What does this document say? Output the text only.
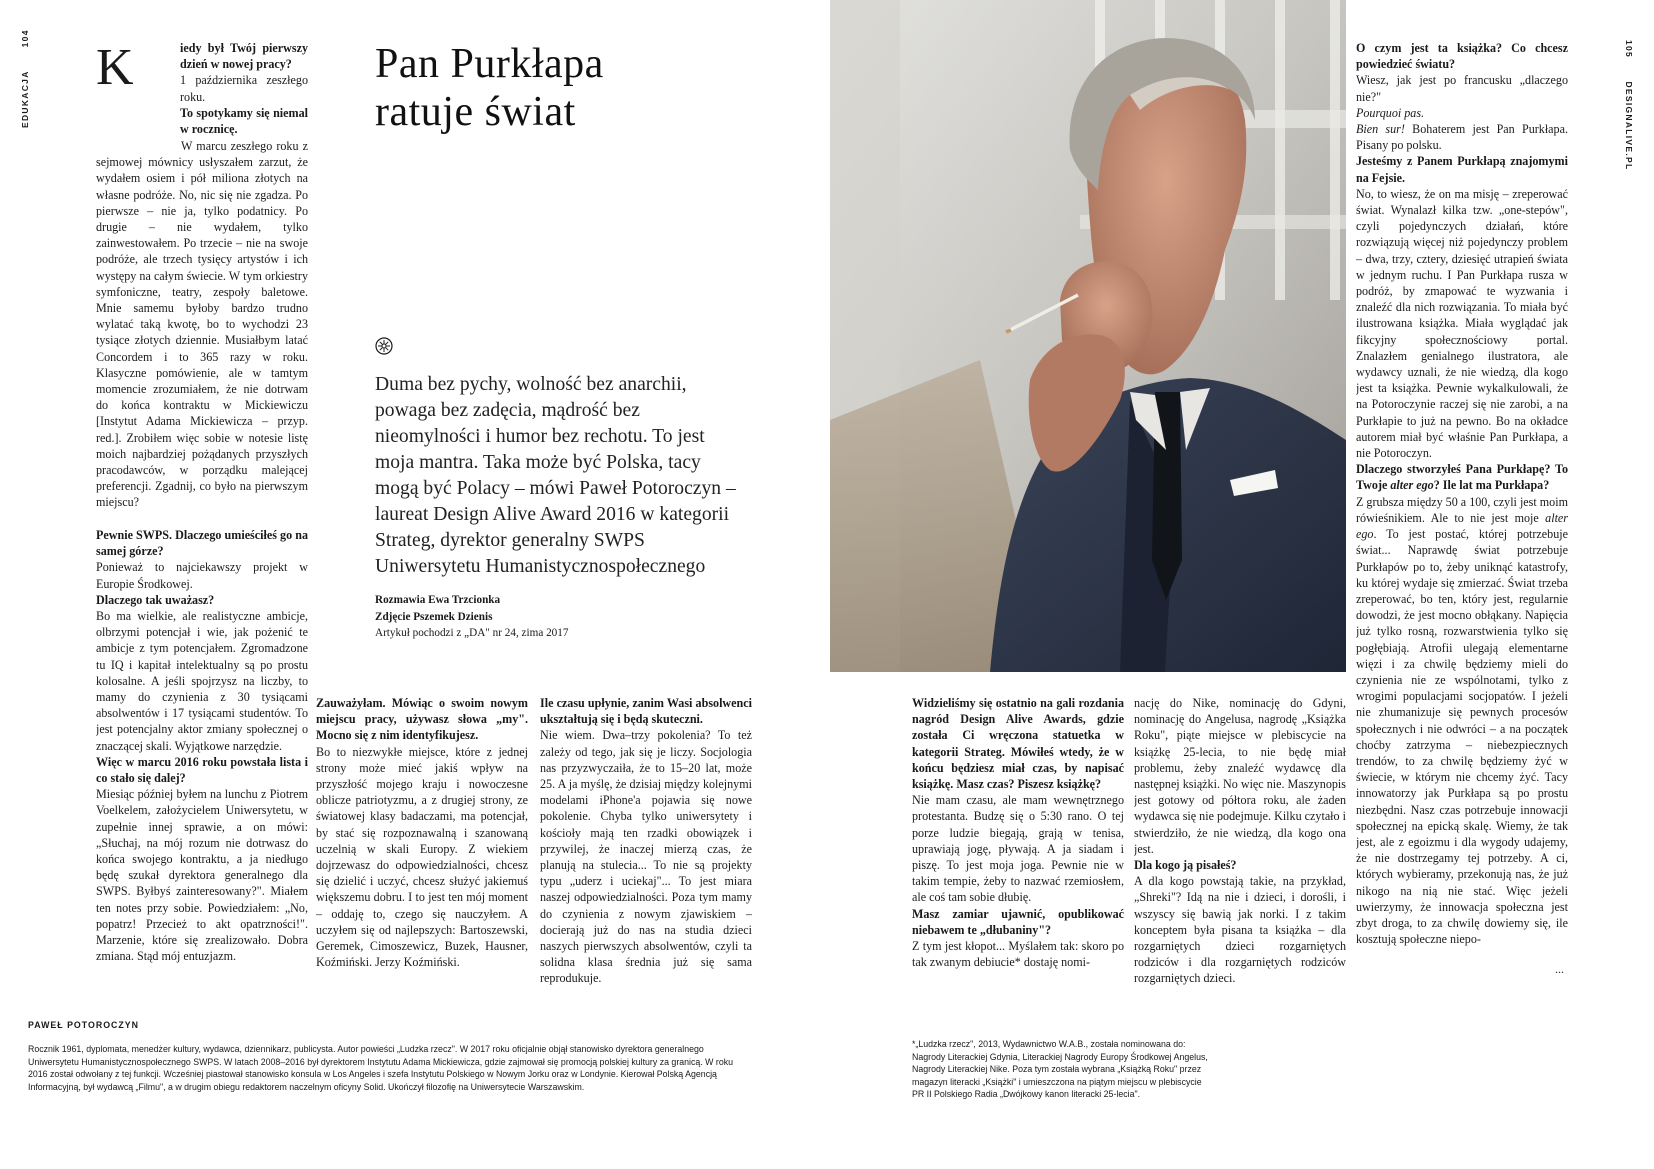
EDUKACJA  104
105  DESIGNALIVE.PL
K	iedy był Twój pierwszy dzień w nowej pracy?

1 października zeszłego roku.

To spotykamy się niemal w rocznicę.

W marcu zeszłego roku z sejmowej mównicy usłyszałem zarzut, że wydałem osiem i pół miliona złotych na własne podróże. No, nic się nie zgadza. Po pierwsze – nie ja, tylko podatnicy. Po drugie – nie wydałem, tylko zainwestowałem. Po trzecie – nie na swoje podróże, ale trzech tysięcy artystów i ich występy na całym świecie. W tym orkiestry symfoniczne, teatry, zespoły baletowe. Mnie samemu byłoby bardzo trudno wylatać taką kwotę, bo to wychodzi 23 tysiące złotych dziennie. Musiałbym latać Concordem i to 365 razy w roku. Klasyczne pomówienie, ale w tamtym momencie zrozumiałem, że nie dotrwam do końca kontraktu w Mickiewiczu [Instytut Adama Mickiewicza – przyp. red.]. Zrobiłem więc sobie w notesie listę moich najbardziej pożądanych przyszłych pracodawców, w porządku malejącej preferencji. Zgadnij, co było na pierwszym miejscu?

Pewnie SWPS. Dlaczego umieściłeś go na samej górze?

Ponieważ to najciekawszy projekt w Europie Środkowej.

Dlaczego tak uważasz?

Bo ma wielkie, ale realistyczne ambicje, olbrzymi potencjał i wie, jak pożenić te ambicje z tym potencjałem. Zgromadzone tu IQ i kapitał intelektualny są po prostu kolosalne. A jeśli spojrzysz na liczby, to mamy do czynienia z 30 tysiącami absolwentów i 17 tysiącami studentów. To jest potencjalny aktor zmiany społecznej o znaczącej skali. Wyjątkowe narzędzie.

Więc w marcu 2016 roku powstała lista i co stało się dalej?

Miesiąc później byłem na lunchu z Piotrem Voelkelem, założycielem Uniwersytetu, w zupełnie innej sprawie, a on mówi: „Słuchaj, na mój rozum nie dotrwasz do końca swojego kontraktu, a ja niedługo będę szukał dyrektora generalnego dla SWPS. Byłbyś zainteresowany?". Miałem ten notes przy sobie. Powiedziałem: „No, popatrz! Przecież to akt opatrzności!". Marzenie, które się zrealizowało. Dobra zmiana. Stąd mój entuzjazm.

Pan Purkłapa
ratuje świat
Duma bez pychy, wolność bez anarchii, powaga bez zadęcia, mądrość bez nieomylności i humor bez rechotu. To jest moja mantra. Taka może być Polska, tacy mogą być Polacy – mówi Paweł Potoroczyn – laureat Design Alive Award 2016 w kategorii Strateg, dyrektor generalny SWPS Uniwersytetu Humanistycznospołecznego
Rozmawia Ewa Trzcionka
Zdjęcie Pszemek Dzienis
Artykuł pochodzi z „DA" nr 24, zima 2017

Zauważyłam. Mówiąc o swoim nowym miejscu pracy, używasz słowa „my". Mocno się z nim identyfikujesz.

Bo to niezwykłe miejsce, które z jednej strony może mieć jakiś wpływ na przyszłość mojego kraju i nowoczesne oblicze patriotyzmu, a z drugiej strony, ze światowej klasy badaczami, ma potencjał, by stać się rozpoznawalną i szanowaną uczelnią w skali Europy. Z wiekiem dojrzewasz do odpowiedzialności, chcesz się dzielić i uczyć, chcesz służyć jakiemuś większemu dobru. I to jest ten mój moment – oddaję to, czego się nauczyłem. A uczyłem się od najlepszych: Bartoszewski, Geremek, Cimoszewicz, Buzek, Hausner, Koźmiński. Jerzy Koźmiński.

Ile czasu upłynie, zanim Wasi absolwenci ukształtują się i będą skuteczni.

Nie wiem. Dwa–trzy pokolenia? To też zależy od tego, jak się je liczy. Socjologia nas przyzwyczaiła, że to 15–20 lat, może 25. A ja myślę, że dzisiaj między kolejnymi modelami iPhone'a pojawia się nowe pokolenie. Chyba tylko uniwersytety i kościoły mają ten rzadki obowiązek i przywilej, że inaczej mierzą czas, że planują na stulecia... To nie są projekty typu „uderz i uciekaj"... To jest miara naszej odpowiedzialności. Poza tym mamy do czynienia z nowym zjawiskiem – docierają już do nas na studia dzieci naszych pierwszych absolwentów, czyli ta solidna klasa średnia już się sama reprodukuje.

Widzieliśmy się ostatnio na gali rozdania nagród Design Alive Awards, gdzie została Ci wręczona statuetka w kategorii Strateg. Mówiłeś wtedy, że w końcu będziesz miał czas, by napisać książkę. Masz czas? Piszesz książkę?

Nie mam czasu, ale mam wewnętrznego protestanta. Budzę się o 5:30 rano. O tej porze ludzie biegają, grają w tenisa, uprawiają jogę, pływają. A ja siadam i piszę. To jest moja joga. Pewnie nie w takim tempie, żeby to nazwać rzemiosłem, ale coś tam sobie dłubię.

Masz zamiar ujawnić, opublikować niebawem te „dłubaniny"?

Z tym jest kłopot... Myślałem tak: skoro po tak zwanym debiucie* dostaję nomi-

nację do Nike, nominację do Gdyni, nominację do Angelusa, nagrodę „Książka Roku", piąte miejsce w plebiscycie na książkę 25-lecia, to nie będę miał problemu, żeby znaleźć wydawcę dla następnej książki. No więc nie. Maszynopis jest gotowy od półtora roku, ale żaden wydawca się nie podejmuje. Kilku czytało i stwierdziło, że nie wiedzą, dla kogo ona jest.

Dla kogo ją pisałeś?

A dla kogo powstają takie, na przykład, „Shreki"? Idą na nie i dzieci, i dorośli, i wszyscy się bawią jak norki. I z takim konceptem była pisana ta książka – dla rozgarniętych dzieci rozgarniętych rodziców i dla rozgarniętych rodziców rozgarniętych dzieci.

O czym jest ta książka? Co chcesz powiedzieć światu?

Wiesz, jak jest po francusku „dlaczego nie?"

Pourquoi pas.

Bien sur! Bohaterem jest Pan Purkłapa. Pisany po polsku.

Jesteśmy z Panem Purkłapą znajomymi na Fejsie.

No, to wiesz, że on ma misję – zreperować świat. Wynalazł kilka tzw. „one-stepów", czyli pojedynczych działań, które rozwiązują więcej niż pojedynczy problem – dwa, trzy, cztery, dziesięć utrapień świata w jednym ruchu. I Pan Purkłapa rusza w podróż, by zmapować te wyzwania i znaleźć dla nich rozwiązania. To miała być ilustrowana książka. Miała wyglądać jak fikcyjny społecznościowy portal. Znalazłem genialnego ilustratora, ale wydawcy uznali, że nie wiedzą, dla kogo jest ta książka. Pewnie wykalkulowali, że na Potoroczynie raczej się nie zarobi, a na Purkłapie to już na pewno. Bo na okładce autorem miał być właśnie Pan Purkłapa, a nie Potoroczyn.

Dlaczego stworzyłeś Pana Purkłapę? To Twoje alter ego? Ile lat ma Purkłapa?

Z grubsza między 50 a 100, czyli jest moim rówieśnikiem. Ale to nie jest moje alter ego. To jest postać, której potrzebuje świat... Naprawdę świat potrzebuje Purkłapów po to, żeby uniknąć katastrofy, ku której wydaje się zmierzać. Świat trzeba zreperować, bo ten, który jest, regularnie dowodzi, że jest mocno obłąkany. Napięcia już tylko rosną, rozwarstwienia tylko się pogłębiają. Atrofii ulegają elementarne więzi i za chwilę będziemy mieli do czynienia nie ze wspólnotami, tylko z wrogimi populacjami socjopatów. I jeżeli nie zhumanizuje się pewnych procesów społecznych i nie odwróci – a na początek choćby zatrzyma – niebezpiecznych trendów, to za chwilę będziemy żyć w świecie, w którym nie chcemy żyć. Tacy innowatorzy jak Purkłapa są po prostu niezbędni. Nasz czas potrzebuje innowacji społecznej na epicką skalę. Wiemy, że tak jest, ale z egoizmu i dla wygody udajemy, że nie dostrzegamy tej potrzeby. A ci, których wybieramy, przekonują nas, że już nikogo na nią nie stać. Więc jeżeli uwierzymy, że innowacja społeczna jest zbyt droga, to za chwilę dowiemy się, ile kosztują społeczne niepo-

...
PAWEŁ POTOROCZYN
Rocznik 1961, dyplomata, menedżer kultury, wydawca, dziennikarz, publicysta. Autor powieści „Ludzka rzecz". W 2017 roku oficjalnie objął stanowisko dyrektora generalnego Uniwersytetu Humanistycznospołecznego SWPS. W latach 2008–2016 był dyrektorem Instytutu Adama Mickiewicza, gdzie zajmował się promocją polskiej kultury za granicą. W roku 2016 został odwołany z tej funkcji. Wcześniej piastował stanowisko konsula w Los Angeles i szefa Instytutu Polskiego w Nowym Jorku oraz w Londynie. Kierował Polską Agencją Informacyjną, był wydawcą „Filmu", a w drugim obiegu redaktorem naczelnym oficyny Solid. Ukończył filozofię na Uniwersytecie Warszawskim.
*„Ludzka rzecz", 2013, Wydawnictwo W.A.B., została nominowana do: Nagrody Literackiej Gdynia, Literackiej Nagrody Europy Środkowej Angelus, Nagrody Literackiej Nike. Poza tym została wybrana „Książką Roku" przez magazyn literacki „Książki" i umieszczona na piątym miejscu w plebiscycie PR II Polskiego Radia „Dwójkowy kanon literacki 25-lecia".
